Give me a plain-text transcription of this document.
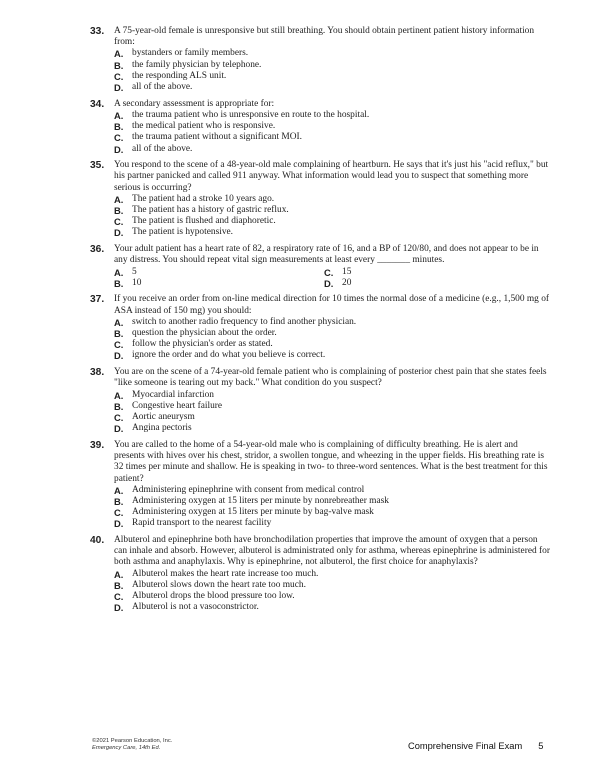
33. A 75-year-old female is unresponsive but still breathing. You should obtain pertinent patient history information from:
A. bystanders or family members.
B. the family physician by telephone.
C. the responding ALS unit.
D. all of the above.
34. A secondary assessment is appropriate for:
A. the trauma patient who is unresponsive en route to the hospital.
B. the medical patient who is responsive.
C. the trauma patient without a significant MOI.
D. all of the above.
35. You respond to the scene of a 48-year-old male complaining of heartburn. He says that it's just his "acid reflux," but his partner panicked and called 911 anyway. What information would lead you to suspect that something more serious is occurring?
A. The patient had a stroke 10 years ago.
B. The patient has a history of gastric reflux.
C. The patient is flushed and diaphoretic.
D. The patient is hypotensive.
36. Your adult patient has a heart rate of 82, a respiratory rate of 16, and a BP of 120/80, and does not appear to be in any distress. You should repeat vital sign measurements at least every _______ minutes.
A. 5	C. 15
B. 10	D. 20
37. If you receive an order from on-line medical direction for 10 times the normal dose of a medicine (e.g., 1,500 mg of ASA instead of 150 mg) you should:
A. switch to another radio frequency to find another physician.
B. question the physician about the order.
C. follow the physician's order as stated.
D. ignore the order and do what you believe is correct.
38. You are on the scene of a 74-year-old female patient who is complaining of posterior chest pain that she states feels "like someone is tearing out my back." What condition do you suspect?
A. Myocardial infarction
B. Congestive heart failure
C. Aortic aneurysm
D. Angina pectoris
39. You are called to the home of a 54-year-old male who is complaining of difficulty breathing. He is alert and presents with hives over his chest, stridor, a swollen tongue, and wheezing in the upper fields. His breathing rate is 32 times per minute and shallow. He is speaking in two- to three-word sentences. What is the best treatment for this patient?
A. Administering epinephrine with consent from medical control
B. Administering oxygen at 15 liters per minute by nonrebreather mask
C. Administering oxygen at 15 liters per minute by bag-valve mask
D. Rapid transport to the nearest facility
40. Albuterol and epinephrine both have bronchodilation properties that improve the amount of oxygen that a person can inhale and absorb. However, albuterol is administrated only for asthma, whereas epinephrine is administered for both asthma and anaphylaxis. Why is epinephrine, not albuterol, the first choice for anaphylaxis?
A. Albuterol makes the heart rate increase too much.
B. Albuterol slows down the heart rate too much.
C. Albuterol drops the blood pressure too low.
D. Albuterol is not a vasoconstrictor.
©2021 Pearson Education, Inc.
Emergency Care, 14th Ed.	Comprehensive Final Exam 5
